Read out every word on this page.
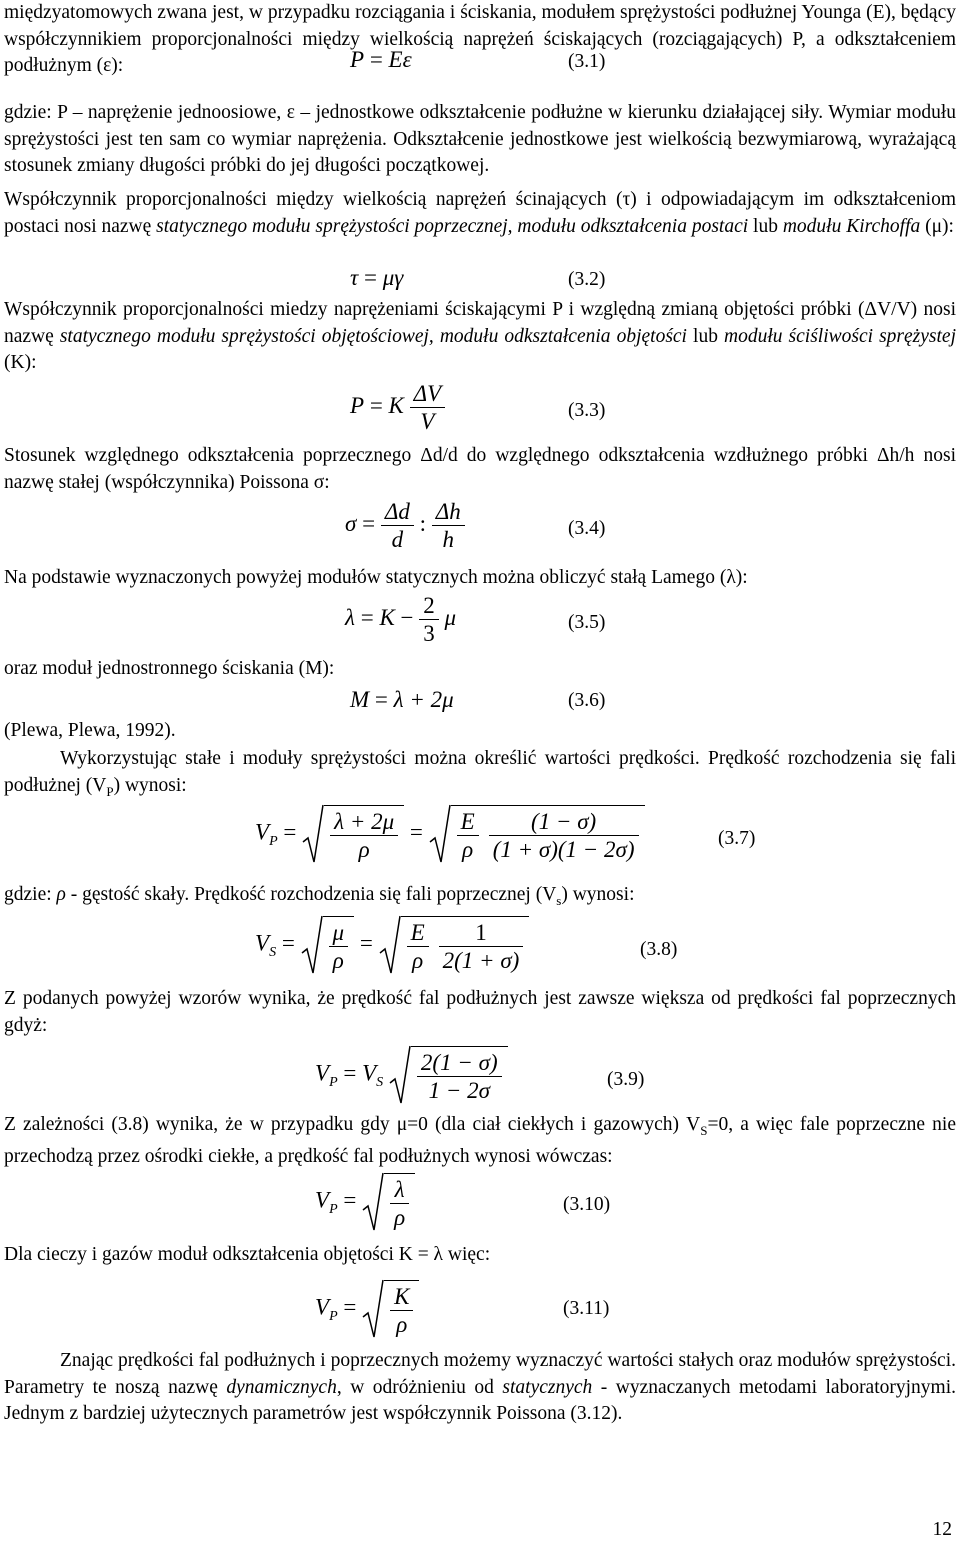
międzyatomowych zwana jest, w przypadku rozciągania i ściskania, modułem sprężystości podłużnej Younga (E), będący współczynnikiem proporcjonalności między wielkością naprężeń ściskających (rozciągających) P, a odkształceniem podłużnym (ε):	P = Eε	(3.1)

gdzie: P – naprężenie jednoosiowe, ε – jednostkowe odkształcenie podłużne w kierunku działającej siły. Wymiar modułu sprężystości jest ten sam co wymiar naprężenia. Odkształcenie jednostkowe jest wielkością bezwymiarową, wyrażającą stosunek zmiany długości próbki do jej długości początkowej.

Współczynnik proporcjonalności między wielkością naprężeń ścinających (τ) i odpowiadającym im odkształceniom postaci nosi nazwę statycznego modułu sprężystości poprzecznej, modułu odkształcenia postaci lub modułu Kirchoffa (μ):

τ = μγ	(3.2)

Współczynnik proporcjonalności miedzy naprężeniami ściskającymi P i względną zmianą objętości próbki (ΔV/V) nosi nazwę statycznego modułu sprężystości objętościowej, modułu odkształcenia objętości lub modułu ściśliwości sprężystej (K):

P = K $\frac{\Delta V}{V}$	(3.3)

Stosunek względnego odkształcenia poprzecznego Δd/d do względnego odkształcenia wzdłużnego próbki Δh/h nosi nazwę stałej (współczynnika) Poissona σ:

$\sigma = \frac{\Delta d}{d}$ : $\frac{\Delta h}{h}$	(3.4)

Na podstawie wyznaczonych powyżej modułów statycznych można obliczyć stałą Lamego (λ):

$\lambda = K - \frac{2}{3}$ μ	(3.5)

oraz moduł jednostronnego ściskania (M):

M = λ + 2μ	(3.6)

(Plewa, Plewa, 1992).

Wykorzystując stałe i moduły sprężystości można określić wartości prędkości. Prędkość rozchodzenia się fali podłużnej $(V_P)$ wynosi:

$V_P = \frac{\lambda + 2\mu}{\rho} = \frac{E}{\rho} \frac{(1 - \sigma)}{(1 + \sigma)(1 - 2\sigma)}$	(3.7)

gdzie: ρ - gęstość skały. Prędkość rozchodzenia się fali poprzecznej $(V_s)$ wynosi:

$V_S = \frac{\mu}{\rho} = \frac{E}{\rho} \frac{1}{2(1 + \sigma)}$	(3.8)

Z podanych powyżej wzorów wynika, że prędkość fal podłużnych jest zawsze większa od prędkości fal poprzecznych gdyż:

$V_P = V_S \frac{2(1 - \sigma)}{1 - 2\sigma}$	(3.9)

Z zależności (3.8) wynika, że w przypadku gdy μ=0 (dla ciał ciekłych i gazowych) $V_S=0$, a więc fale poprzeczne nie przechodzą przez ośrodki ciekłe, a prędkość fal podłużnych wynosi wówczas:

$V_P = \frac{\lambda}{\rho}$	(3.10)

Dla cieczy i gazów moduł odkształcenia objętości K = λ więc:

$V_P = \frac{K}{\rho}$	(3.11)

Znając prędkości fal podłużnych i poprzecznych możemy wyznaczyć wartości stałych oraz modułów sprężystości. Parametry te noszą nazwę dynamicznych, w odróżnieniu od statycznych - wyznaczanych metodami laboratoryjnymi. Jednym z bardziej użytecznych parametrów jest współczynnik Poissona (3.12).

12
